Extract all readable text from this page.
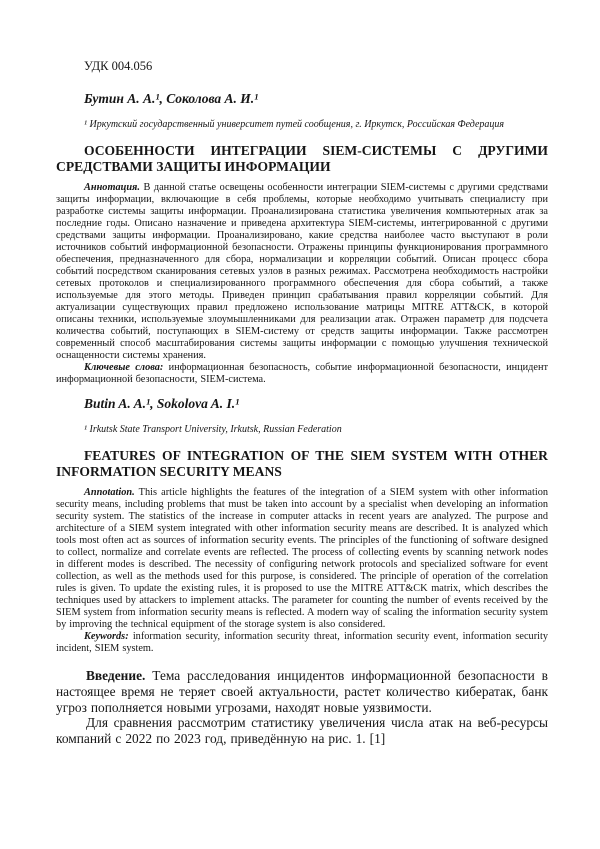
УДК 004.056

Бутин А. А.¹, Соколова А. И.¹

¹ Иркутский государственный университет путей сообщения, г. Иркутск, Российская Федерация

ОСОБЕННОСТИ ИНТЕГРАЦИИ SIEM-СИСТЕМЫ С ДРУГИМИ СРЕДСТВАМИ ЗАЩИТЫ ИНФОРМАЦИИ

Аннотация. В данной статье освещены особенности интеграции SIEM-системы с другими средствами защиты информации, включающие в себя проблемы, которые необходимо учитывать специалисту при разработке системы защиты информации. Проанализирована статистика увеличения компьютерных атак за последние годы. Описано назначение и приведена архитектура SIEM-системы, интегрированной с другими средствами защиты информации. Проанализировано, какие средства наиболее часто выступают в роли источников событий информационной безопасности. Отражены принципы функционирования программного обеспечения, предназначенного для сбора, нормализации и корреляции событий. Описан процесс сбора событий посредством сканирования сетевых узлов в разных режимах. Рассмотрена необходимость настройки сетевых протоколов и специализированного программного обеспечения для сбора событий, а также используемые для этого методы. Приведен принцип срабатывания правил корреляции событий. Для актуализации существующих правил предложено использование матрицы MITRE ATT&CK, в которой описаны техники, используемые злоумышленниками для реализации атак. Отражен параметр для подсчета количества событий, поступающих в SIEM-систему от средств защиты информации. Также рассмотрен современный способ масштабирования системы защиты информации с помощью улучшения технической оснащенности системы хранения.

Ключевые слова: информационная безопасность, событие информационной безопасности, инцидент информационной безопасности, SIEM-система.

Butin A. A.¹, Sokolova A. I.¹

¹ Irkutsk State Transport University, Irkutsk, Russian Federation

FEATURES OF INTEGRATION OF THE SIEM SYSTEM WITH OTHER INFORMATION SECURITY MEANS

Annotation. This article highlights the features of the integration of a SIEM system with other information security means, including problems that must be taken into account by a specialist when developing an information security system. The statistics of the increase in computer attacks in recent years are analyzed. The purpose and architecture of a SIEM system integrated with other information security means are described. It is analyzed which tools most often act as sources of information security events. The principles of the functioning of software designed to collect, normalize and correlate events are reflected. The process of collecting events by scanning network nodes in different modes is described. The necessity of configuring network protocols and specialized software for event collection, as well as the methods used for this purpose, is considered. The principle of operation of the correlation rules is given. To update the existing rules, it is proposed to use the MITRE ATT&CK matrix, which describes the techniques used by attackers to implement attacks. The parameter for counting the number of events received by the SIEM system from information security means is reflected. A modern way of scaling the information security system by improving the technical equipment of the storage system is also considered.

Keywords: information security, information security threat, information security event, information security incident, SIEM system.

Введение. Тема расследования инцидентов информационной безопасности в настоящее время не теряет своей актуальности, растет количество кибератак, банк угроз пополняется новыми угрозами, находят новые уязвимости.

Для сравнения рассмотрим статистику увеличения числа атак на веб-ресурсы компаний с 2022 по 2023 год, приведённую на рис. 1. [1]
